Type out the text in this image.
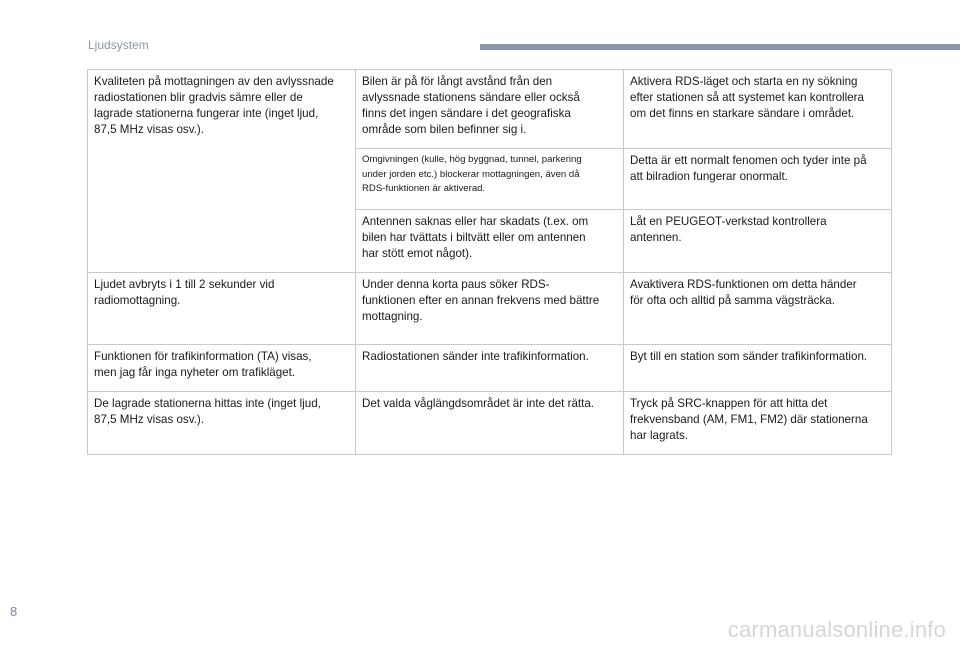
Ljudsystem
Kvaliteten på mottagningen av den avlyssnade
radiostationen blir gradvis sämre eller de
lagrade stationerna fungerar inte (inget ljud,
87,5 MHz visas osv.).	Bilen är på för långt avstånd från den
avlyssnade stationens sändare eller också
finns det ingen sändare i det geografiska
område som bilen befinner sig i.	Aktivera RDS-läget och starta en ny sökning
efter stationen så att systemet kan kontrollera
om det finns en starkare sändare i området.
	Omgivningen (kulle, hög byggnad, tunnel, parkering
under jorden etc.) blockerar mottagningen, även då
RDS-funktionen är aktiverad.	Detta är ett normalt fenomen och tyder inte på
att bilradion fungerar onormalt.
	Antennen saknas eller har skadats (t.ex. om
bilen har tvättats i biltvätt eller om antennen
har stött emot något).	Låt en PEUGEOT-verkstad kontrollera
antennen.
Ljudet avbryts i 1 till 2 sekunder vid
radiomottagning.	Under denna korta paus söker RDS-
funktionen efter en annan frekvens med bättre
mottagning.	Avaktivera RDS-funktionen om detta händer
för ofta och alltid på samma vägsträcka.
Funktionen för trafikinformation (TA) visas,
men jag får inga nyheter om trafikläget.	Radiostationen sänder inte trafikinformation.	Byt till en station som sänder trafikinformation.
De lagrade stationerna hittas inte (inget ljud,
87,5 MHz visas osv.).	Det valda våglängdsområdet är inte det rätta.	Tryck på SRC-knappen för att hitta det
frekvensband (AM, FM1, FM2) där stationerna
har lagrats.
8
carmanualsonline.info
